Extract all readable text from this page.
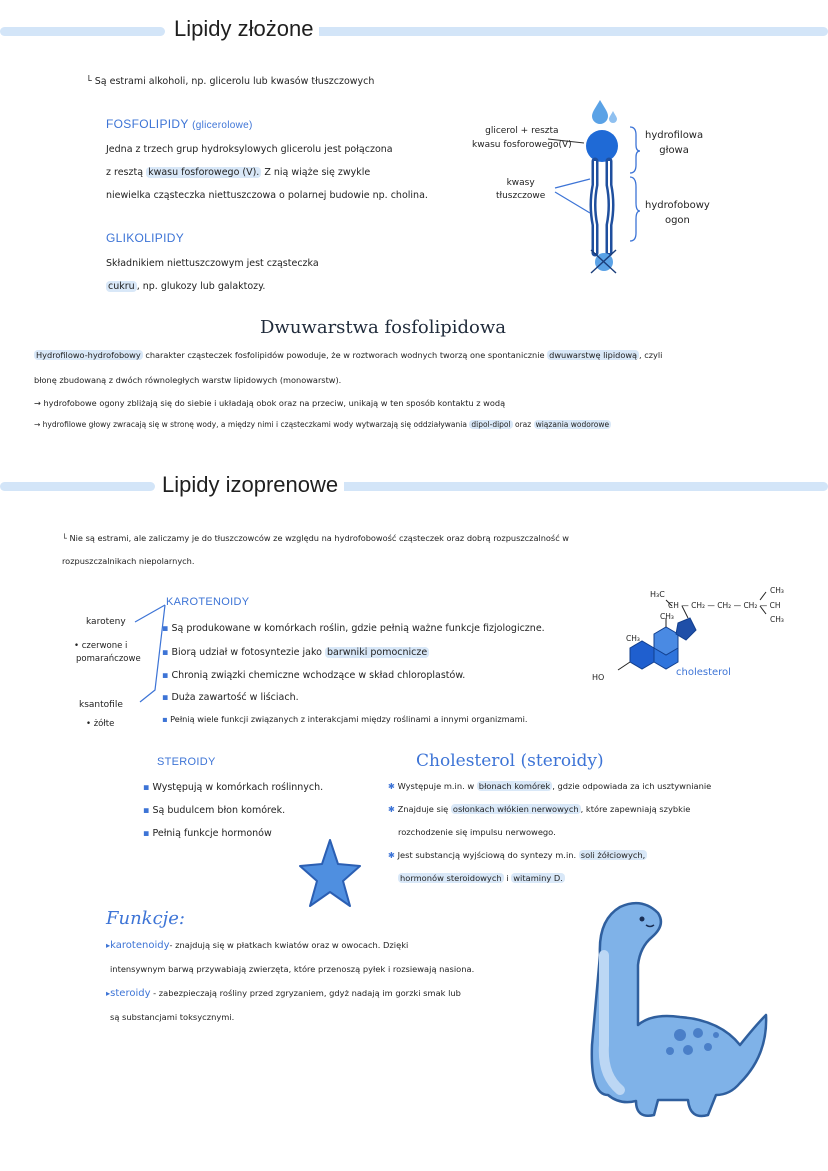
Lipidy złożone
└ Są estrami alkoholi, np. glicerolu lub kwasów tłuszczowych
FOSFOLIPIDY (glicerolowe)
Jedna z trzech grup hydroksylowych glicerolu jest połączona
z resztą kwasu fosforowego (V). Z nią wiąże się zwykle
niewielka cząsteczka niettuszczowa o polarnej budowie np. cholina.
GLIKOLIPIDY
Składnikiem niettuszczowym jest cząsteczka
cukru , np. glukozy lub galaktozy.
glicerol + reszta
kwasu fosforowego(V)
kwasy
tłuszczowe
hydrofilowa
głowa
hydrofobowy
ogon
Dwuwarstwa fosfolipidowa
Hydrofilowo-hydrofobowy charakter cząsteczek fosfolipidów powoduje, że w roztworach wodnych tworzą one spontanicznie dwuwarstwę lipidową , czyli
błonę zbudowaną z dwóch równoległych warstw lipidowych (monowarstw).
→ hydrofobowe ogony zbliżają się do siebie i układają obok oraz na przeciw, unikają w ten sposób kontaktu z wodą
→ hydrofilowe głowy zwracają się w stronę wody, a między nimi i cząsteczkami wody wytwarzają się oddziaływania dipol-dipol oraz wiązania wodorowe
Lipidy izoprenowe
└ Nie są estrami, ale zaliczamy je do tłuszczowców ze względu na hydrofobowość cząsteczek oraz dobrą rozpuszczalność w
rozpuszczalnikach niepolarnych.
KAROTENOIDY
karoteny
• czerwone i
pomarańczowe
ksantofile
• żółte
▪ Są produkowane w komórkach roślin, gdzie pełnią ważne funkcje fizjologiczne.
▪ Biorą udział w fotosyntezie jako barwniki pomocnicze
▪ Chronią związki chemiczne wchodzące w skład chloroplastów.
▪ Duża zawartość w liściach.
▪ Pełnią wiele funkcji związanych z interakcjami między roślinami a innymi organizmami.
H₃C
CH — CH₂ — CH₂ — CH₂ — CH
CH₃
CH₃
CH₃
CH₃
HO	cholesterol
STEROIDY
▪ Występują w komórkach roślinnych.
▪ Są budulcem błon komórek.
▪ Pełnią funkcje hormonów
Cholesterol (steroidy)
✱ Występuje m.in. w błonach komórek , gdzie odpowiada za ich usztywnianie
✱ Znajduje się osłonkach włókien nerwowych , które zapewniają szybkie
rozchodzenie się impulsu nerwowego.
✱ Jest substancją wyjściową do syntezy m.in. soli żółciowych,
hormonów steroidowych i witaminy D.
Funkcje:
▸karotenoidy- znajdują się w płatkach kwiatów oraz w owocach. Dzięki
intensywnym barwą przywabiają zwierzęta, które przenoszą pyłek i rozsiewają nasiona.
▸steroidy - zabezpieczają rośliny przed zgryzaniem, gdyż nadają im gorzki smak lub
są substancjami toksycznymi.
